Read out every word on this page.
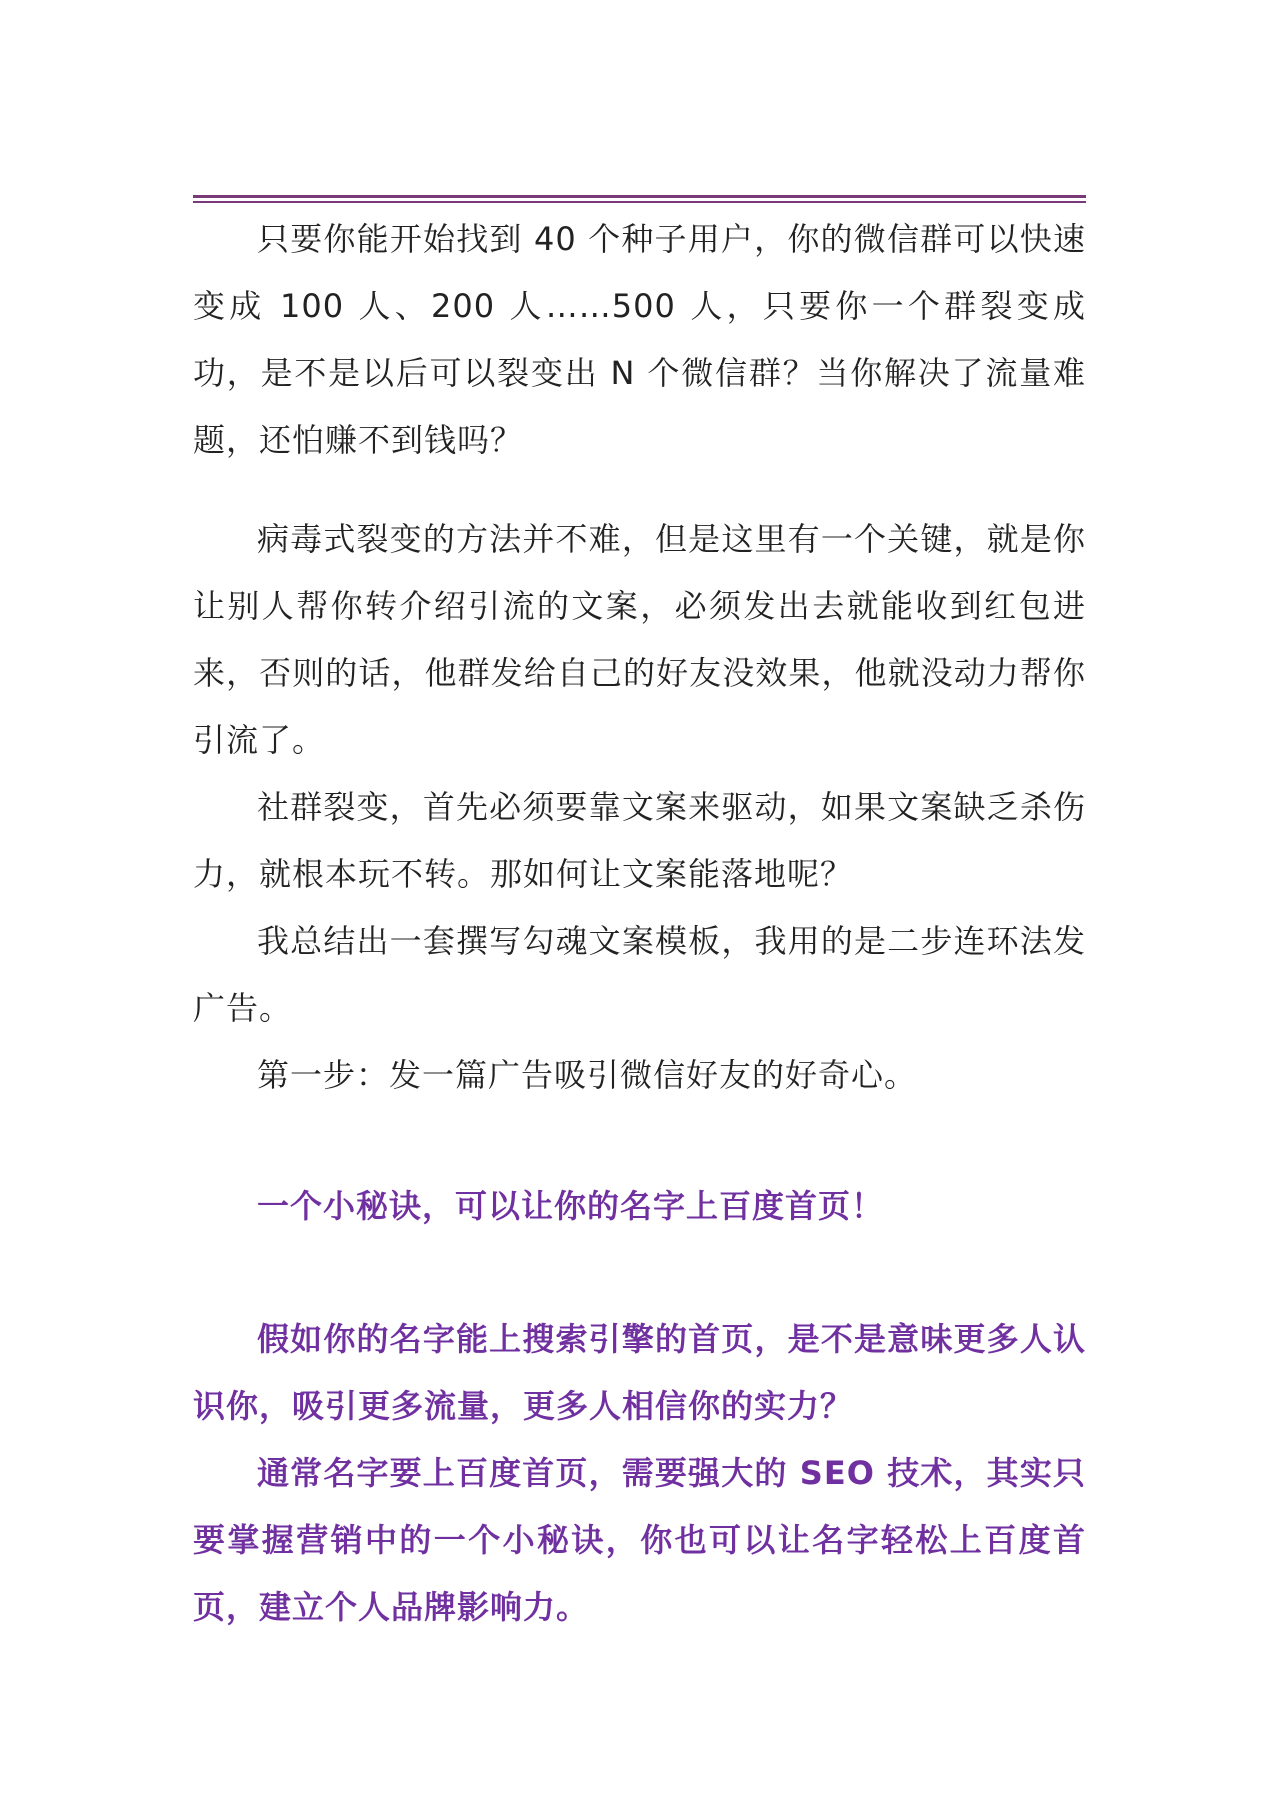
只要你能开始找到 40 个种子用户，你的微信群可以快速变成 100 人、200 人……500 人，只要你一个群裂变成功，是不是以后可以裂变出 N 个微信群？当你解决了流量难题，还怕赚不到钱吗？

病毒式裂变的方法并不难，但是这里有一个关键，就是你让别人帮你转介绍引流的文案，必须发出去就能收到红包进来，否则的话，他群发给自己的好友没效果，他就没动力帮你引流了。

社群裂变，首先必须要靠文案来驱动，如果文案缺乏杀伤力，就根本玩不转。那如何让文案能落地呢？

我总结出一套撰写勾魂文案模板，我用的是二步连环法发广告。

第一步：发一篇广告吸引微信好友的好奇心。

一个小秘诀，可以让你的名字上百度首页！

假如你的名字能上搜索引擎的首页，是不是意味更多人认识你，吸引更多流量，更多人相信你的实力？

通常名字要上百度首页，需要强大的 SEO 技术，其实只要掌握营销中的一个小秘诀，你也可以让名字轻松上百度首页，建立个人品牌影响力。
